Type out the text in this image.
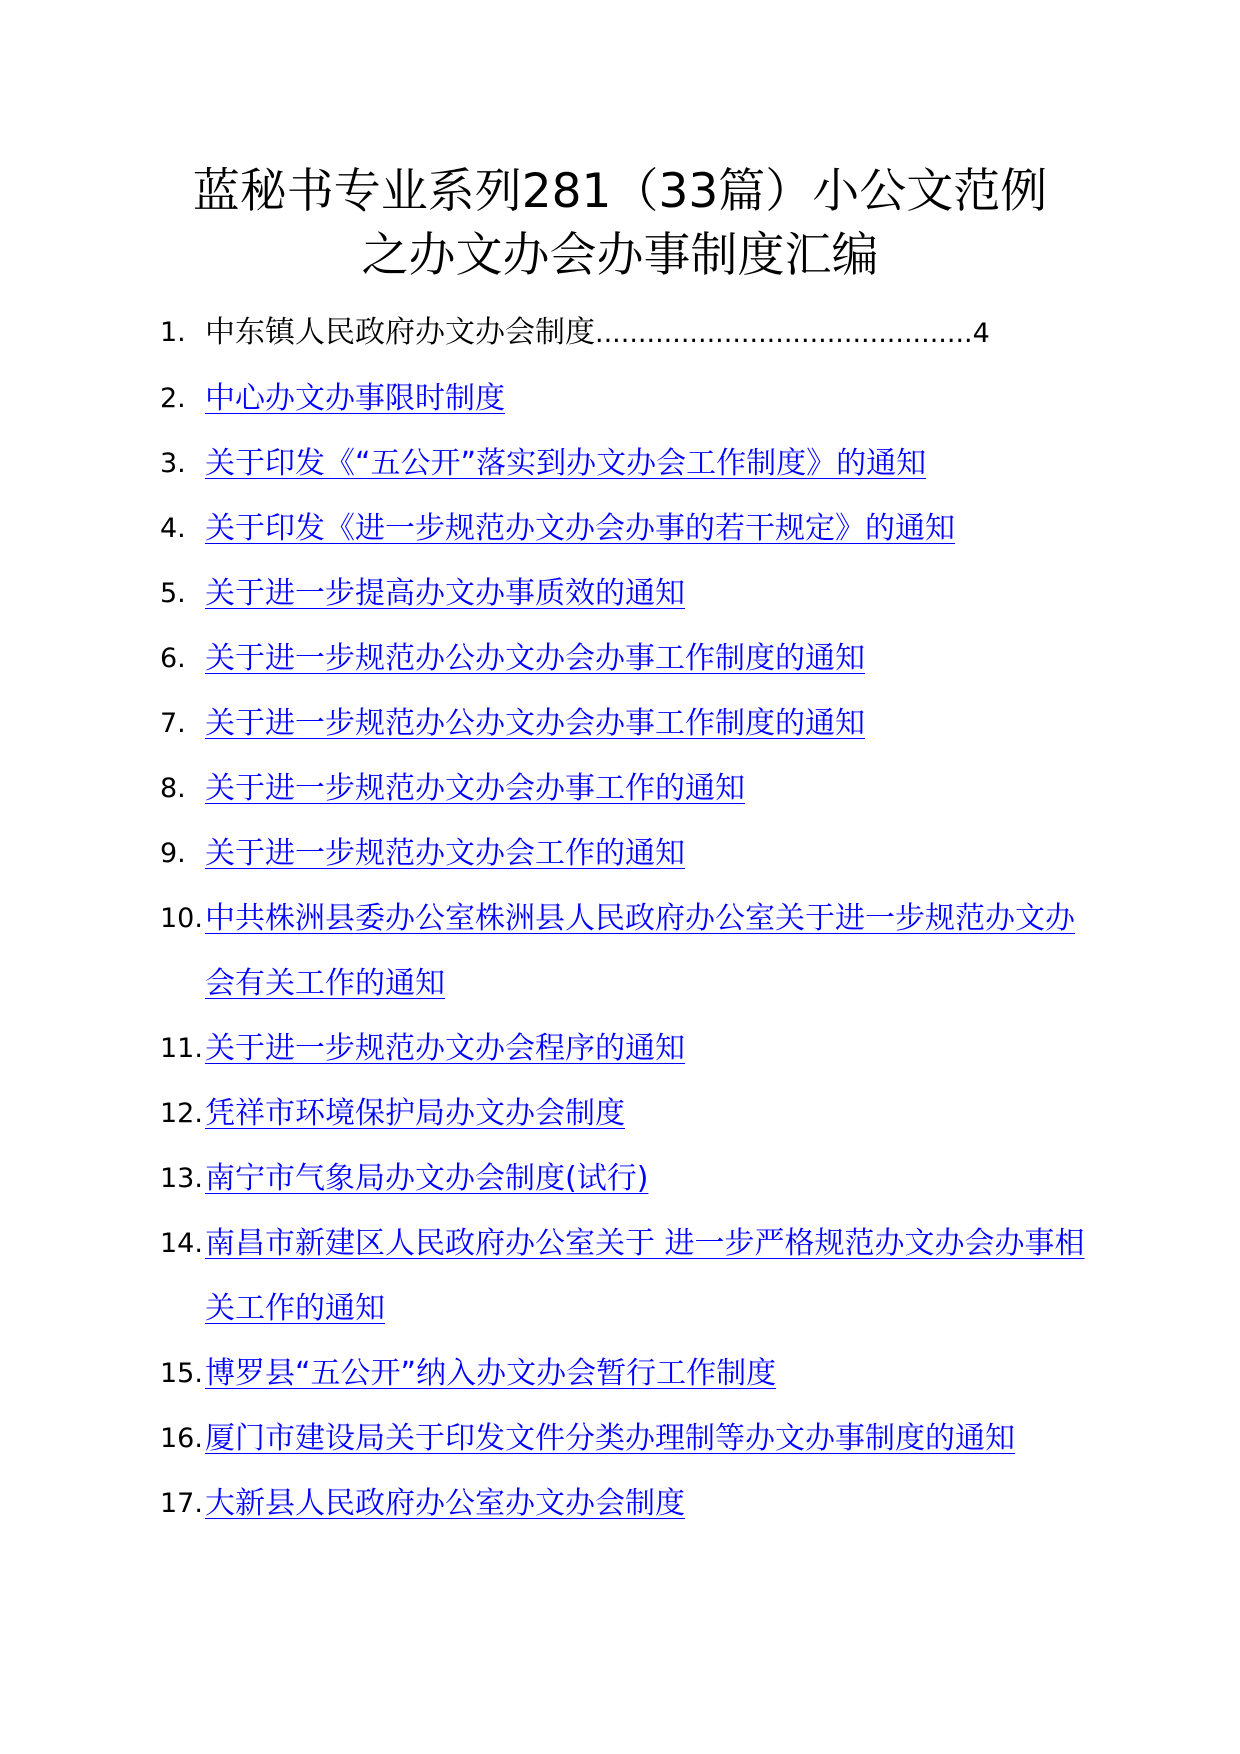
蓝秘书专业系列281（33篇）小公文范例
之办文办会办事制度汇编
1. 中东镇人民政府办文办会制度............................................4
2. 中心办文办事限时制度
3. 关于印发《“五公开”落实到办文办会工作制度》的通知
4. 关于印发《进一步规范办文办会办事的若干规定》的通知
5. 关于进一步提高办文办事质效的通知
6. 关于进一步规范办公办文办会办事工作制度的通知
7. 关于进一步规范办公办文办会办事工作制度的通知
8. 关于进一步规范办文办会办事工作的通知
9. 关于进一步规范办文办会工作的通知
10. 中共株洲县委办公室株洲县人民政府办公室关于进一步规范办文办会有关工作的通知
11. 关于进一步规范办文办会程序的通知
12. 凭祥市环境保护局办文办会制度
13. 南宁市气象局办文办会制度(试行)
14. 南昌市新建区人民政府办公室关于 进一步严格规范办文办会办事相关工作的通知
15. 博罗县“五公开”纳入办文办会暂行工作制度
16. 厦门市建设局关于印发文件分类办理制等办文办事制度的通知
17. 大新县人民政府办公室办文办会制度
